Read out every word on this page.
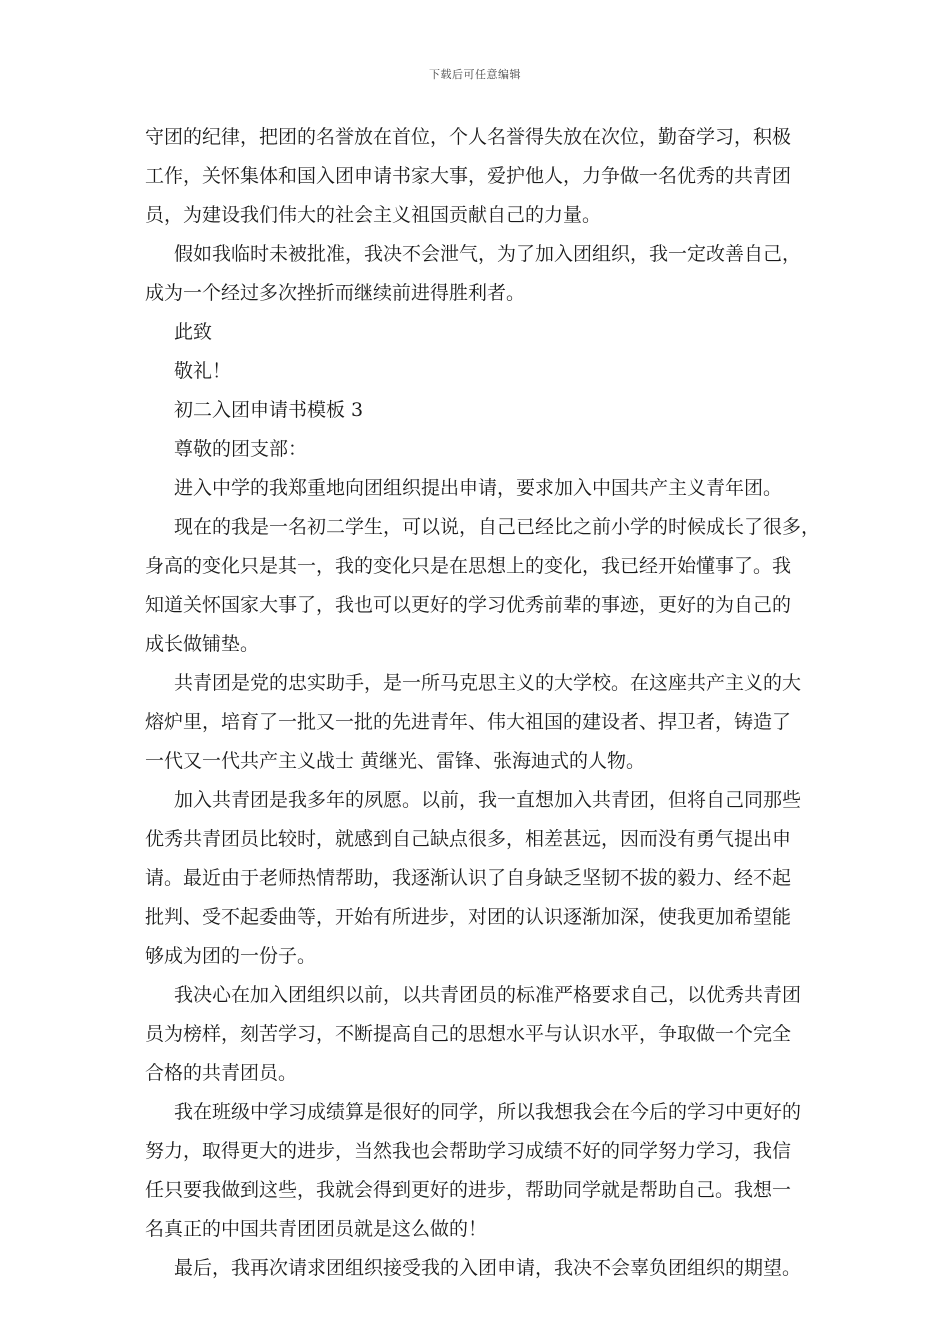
下载后可任意编辑

守团的纪律，把团的名誉放在首位，个人名誉得失放在次位，勤奋学习，积极
工作，关怀集体和国入团申请书家大事，爱护他人，力争做一名优秀的共青团
员，为建设我们伟大的社会主义祖国贡献自己的力量。

假如我临时未被批准，我决不会泄气，为了加入团组织，我一定改善自己，
成为一个经过多次挫折而继续前进得胜利者。

此致

敬礼！

初二入团申请书模板 3

尊敬的团支部：

进入中学的我郑重地向团组织提出申请，要求加入中国共产主义青年团。

现在的我是一名初二学生，可以说，自己已经比之前小学的时候成长了很多，
身高的变化只是其一，我的变化只是在思想上的变化，我已经开始懂事了。我
知道关怀国家大事了，我也可以更好的学习优秀前辈的事迹，更好的为自己的
成长做铺垫。

共青团是党的忠实助手，是一所马克思主义的大学校。在这座共产主义的大
熔炉里，培育了一批又一批的先进青年、伟大祖国的建设者、捍卫者，铸造了
一代又一代共产主义战士 黄继光、雷锋、张海迪式的人物。

加入共青团是我多年的夙愿。以前，我一直想加入共青团，但将自己同那些
优秀共青团员比较时，就感到自己缺点很多，相差甚远，因而没有勇气提出申
请。最近由于老师热情帮助，我逐渐认识了自身缺乏坚韧不拔的毅力、经不起
批判、受不起委曲等，开始有所进步，对团的认识逐渐加深，使我更加希望能
够成为团的一份子。

我决心在加入团组织以前，以共青团员的标准严格要求自己，以优秀共青团
员为榜样，刻苦学习，不断提高自己的思想水平与认识水平，争取做一个完全
合格的共青团员。

我在班级中学习成绩算是很好的同学，所以我想我会在今后的学习中更好的
努力，取得更大的进步，当然我也会帮助学习成绩不好的同学努力学习，我信
任只要我做到这些，我就会得到更好的进步，帮助同学就是帮助自己。我想一
名真正的中国共青团团员就是这么做的！

最后，我再次请求团组织接受我的入团申请，我决不会辜负团组织的期望。
